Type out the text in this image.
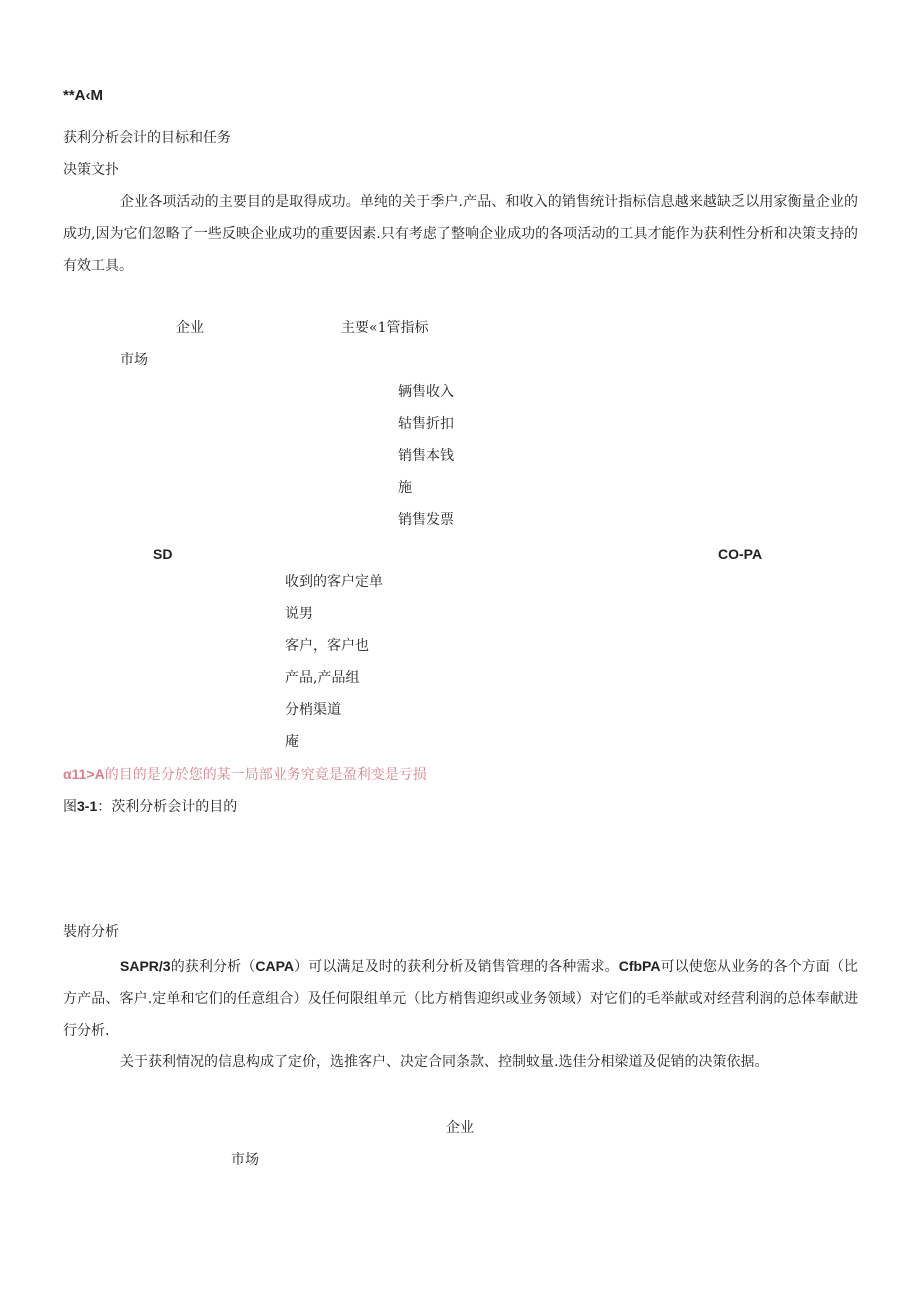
**A‹M
获利分析会计的目标和任务
决策文扑
企业各项活动的主要目的是取得成功。单纯的关于季户.产品、和收入的销售统计指标信息越来越缺乏以用家衡量企业的成功,因为它们忽略了一些反映企业成功的重要因素.只有考虑了整响企业成功的各项活动的工具才能作为获利性分析和决策支持的有效工具。
企业	主要«1管指标
市场
辆售收入
轱售折扣
销售本钱
施
销售发票
SD	CO-PA
收到的客户定单
说男
客户，客户也
产品,产品组
分梢渠道
庵
α11>A的目的是分於您的某一局部业务究竟是盈利变是亏损
图3-1：茨利分析会计的目的
裝府分析
SAPR/3的获利分析（CAPA）可以满足及时的获利分析及销售管理的各种需求。CfbPA可以使您从业务的各个方面（比方产品、客户.定单和它们的任意组合）及任何限组单元（比方梢售迎织或业务领域）对它们的毛举献或对经营利润的总体奉献进行分析.
关于获利情况的信息构成了定价，选推客户、决定合同条款、控制蚊量.选佳分相梁道及促销的决策依据。
企业
市场
